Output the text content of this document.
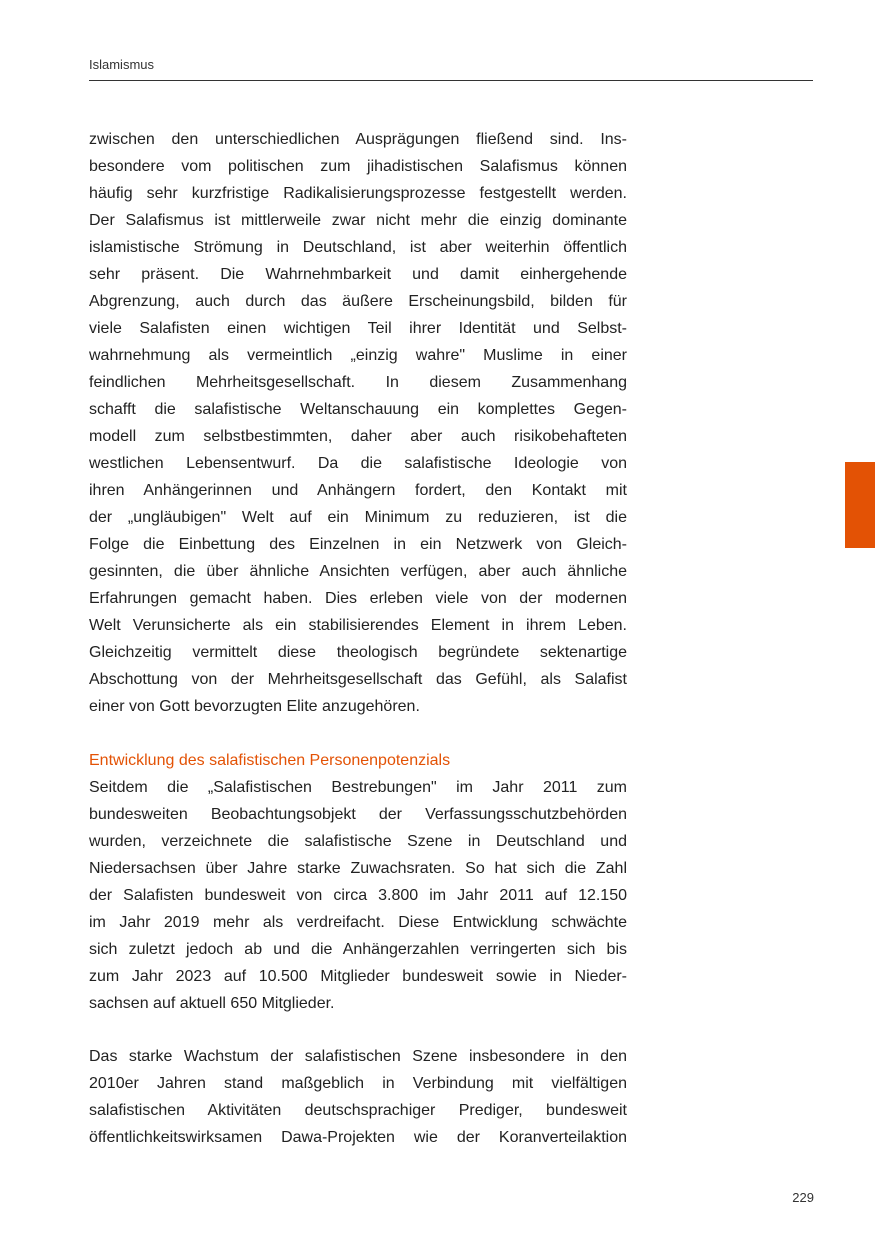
Islamismus
zwischen den unterschiedlichen Ausprägungen fließend sind. Ins-
besondere vom politischen zum jihadistischen Salafismus können
häufig sehr kurzfristige Radikalisierungsprozesse festgestellt werden.
Der Salafismus ist mittlerweile zwar nicht mehr die einzig dominante
islamistische Strömung in Deutschland, ist aber weiterhin öffentlich
sehr präsent. Die Wahrnehmbarkeit und damit einhergehende
Abgrenzung, auch durch das äußere Erscheinungsbild, bilden für
viele Salafisten einen wichtigen Teil ihrer Identität und Selbst-
wahrnehmung als vermeintlich „einzig wahre" Muslime in einer
feindlichen Mehrheitsgesellschaft. In diesem Zusammenhang
schafft die salafistische Weltanschauung ein komplettes Gegen-
modell zum selbstbestimmten, daher aber auch risikobehafteten
westlichen Lebensentwurf. Da die salafistische Ideologie von
ihren Anhängerinnen und Anhängern fordert, den Kontakt mit
der „ungläubigen" Welt auf ein Minimum zu reduzieren, ist die
Folge die Einbettung des Einzelnen in ein Netzwerk von Gleich-
gesinnten, die über ähnliche Ansichten verfügen, aber auch ähnliche
Erfahrungen gemacht haben. Dies erleben viele von der modernen
Welt Verunsicherte als ein stabilisierendes Element in ihrem Leben.
Gleichzeitig vermittelt diese theologisch begründete sektenartige
Abschottung von der Mehrheitsgesellschaft das Gefühl, als Salafist
einer von Gott bevorzugten Elite anzugehören.
Entwicklung des salafistischen Personenpotenzials
Seitdem die „Salafistischen Bestrebungen" im Jahr 2011 zum
bundesweiten Beobachtungsobjekt der Verfassungsschutzbehörden
wurden, verzeichnete die salafistische Szene in Deutschland und
Niedersachsen über Jahre starke Zuwachsraten. So hat sich die Zahl
der Salafisten bundesweit von circa 3.800 im Jahr 2011 auf 12.150
im Jahr 2019 mehr als verdreifacht. Diese Entwicklung schwächte
sich zuletzt jedoch ab und die Anhängerzahlen verringerten sich bis
zum Jahr 2023 auf 10.500 Mitglieder bundesweit sowie in Nieder-
sachsen auf aktuell 650 Mitglieder.
Das starke Wachstum der salafistischen Szene insbesondere in den
2010er Jahren stand maßgeblich in Verbindung mit vielfältigen
salafistischen Aktivitäten deutschsprachiger Prediger, bundesweit
öffentlichkeitswirksamen Dawa-Projekten wie der Koranverteilaktion
229
